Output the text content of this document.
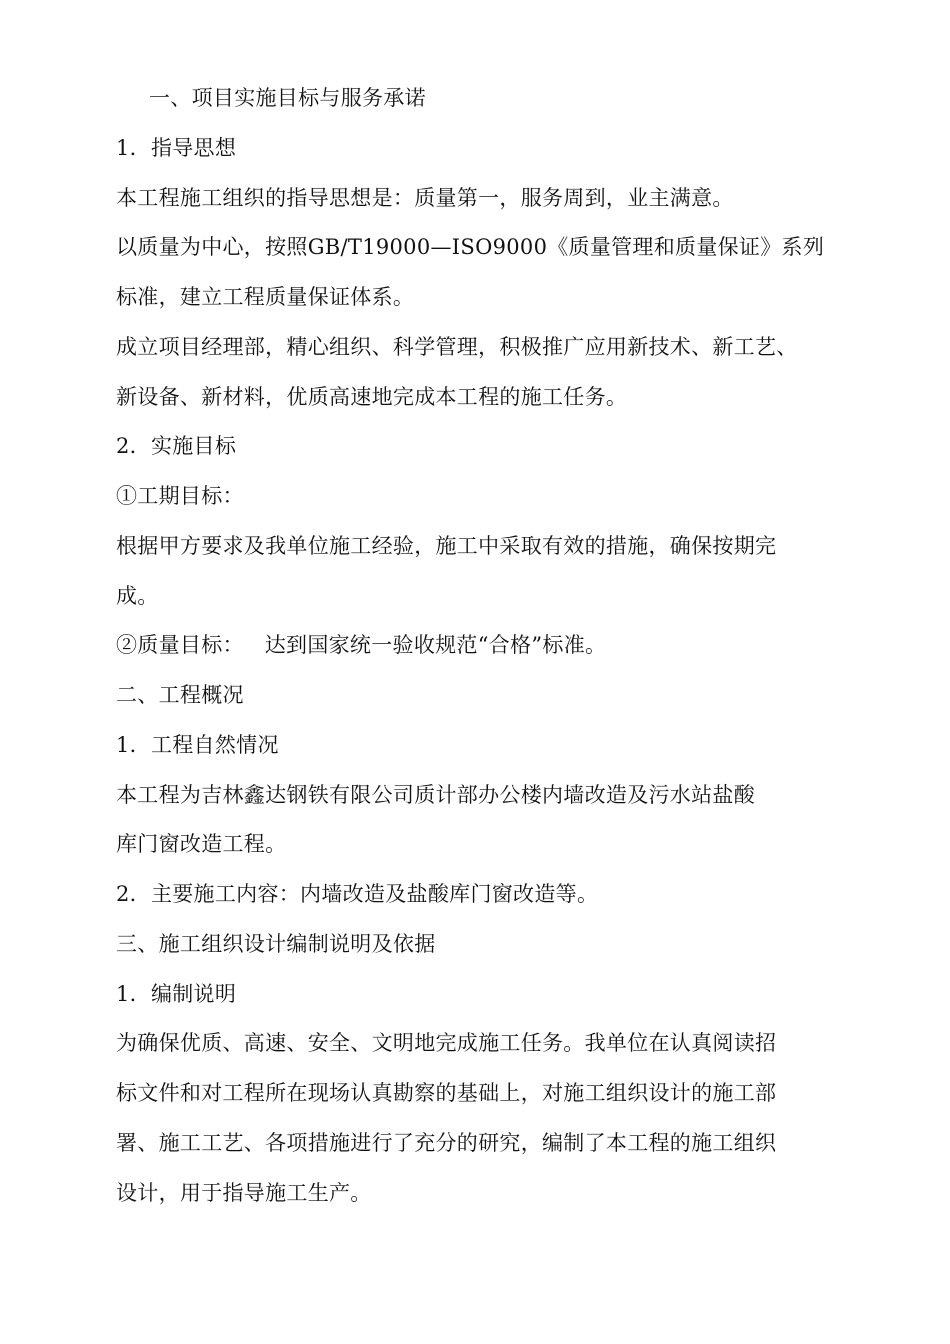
一、项目实施目标与服务承诺
1．指导思想
本工程施工组织的指导思想是：质量第一，服务周到，业主满意。
以质量为中心，按照GB/T19000—ISO9000《质量管理和质量保证》系列
标准，建立工程质量保证体系。
成立项目经理部，精心组织、科学管理，积极推广应用新技术、新工艺、
新设备、新材料，优质高速地完成本工程的施工任务。
2．实施目标
①工期目标：
根据甲方要求及我单位施工经验，施工中采取有效的措施，确保按期完
成。
②质量目标：   达到国家统一验收规范“合格”标准。
二、工程概况
1．工程自然情况
本工程为吉林鑫达钢铁有限公司质计部办公楼内墙改造及污水站盐酸
库门窗改造工程。
2．主要施工内容：内墙改造及盐酸库门窗改造等。
三、施工组织设计编制说明及依据
1．编制说明
为确保优质、高速、安全、文明地完成施工任务。我单位在认真阅读招
标文件和对工程所在现场认真勘察的基础上，对施工组织设计的施工部
署、施工工艺、各项措施进行了充分的研究，编制了本工程的施工组织
设计，用于指导施工生产。
